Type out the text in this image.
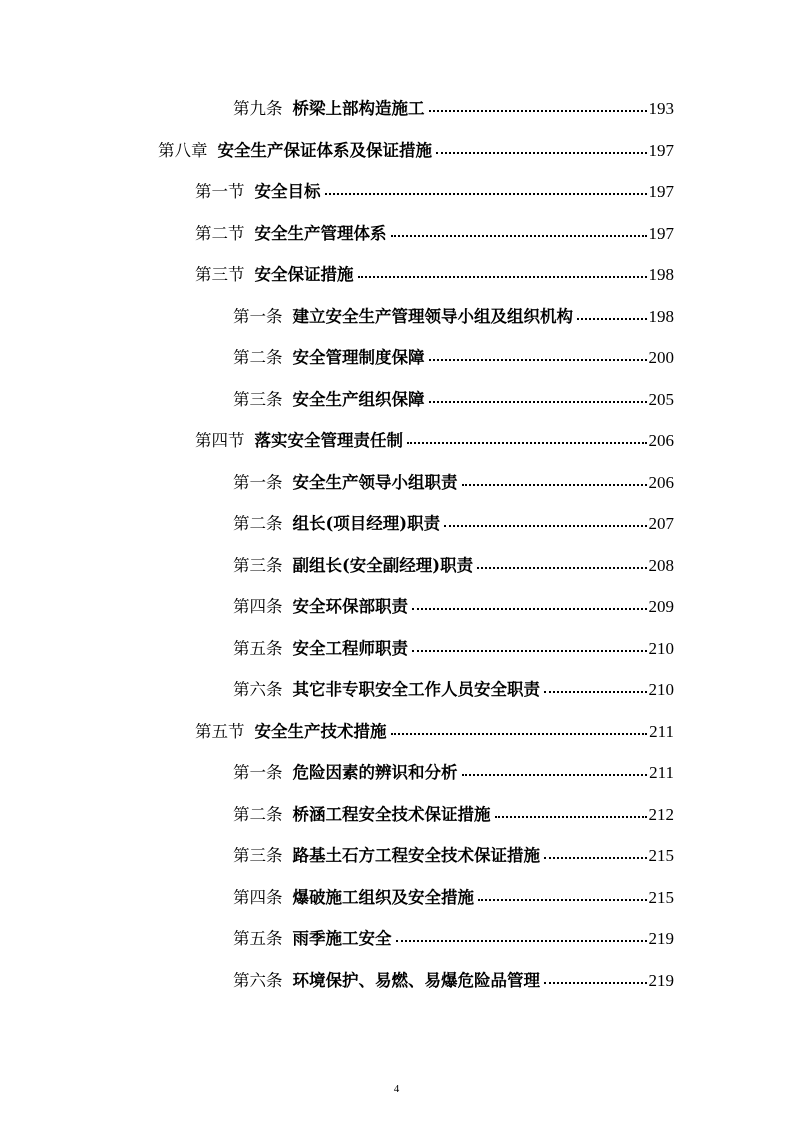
第九条 桥梁上部构造施工	193
第八章 安全生产保证体系及保证措施	197
第一节 安全目标	197
第二节 安全生产管理体系	197
第三节 安全保证措施	198
第一条 建立安全生产管理领导小组及组织机构	198
第二条 安全管理制度保障	200
第三条 安全生产组织保障	205
第四节 落实安全管理责任制	206
第一条 安全生产领导小组职责	206
第二条 组长(项目经理)职责	207
第三条 副组长(安全副经理)职责	208
第四条 安全环保部职责	209
第五条 安全工程师职责	210
第六条 其它非专职安全工作人员安全职责	210
第五节 安全生产技术措施	211
第一条 危险因素的辨识和分析	211
第二条 桥涵工程安全技术保证措施	212
第三条 路基土石方工程安全技术保证措施	215
第四条 爆破施工组织及安全措施	215
第五条 雨季施工安全	219
第六条 环境保护、易燃、易爆危险品管理	219
4
